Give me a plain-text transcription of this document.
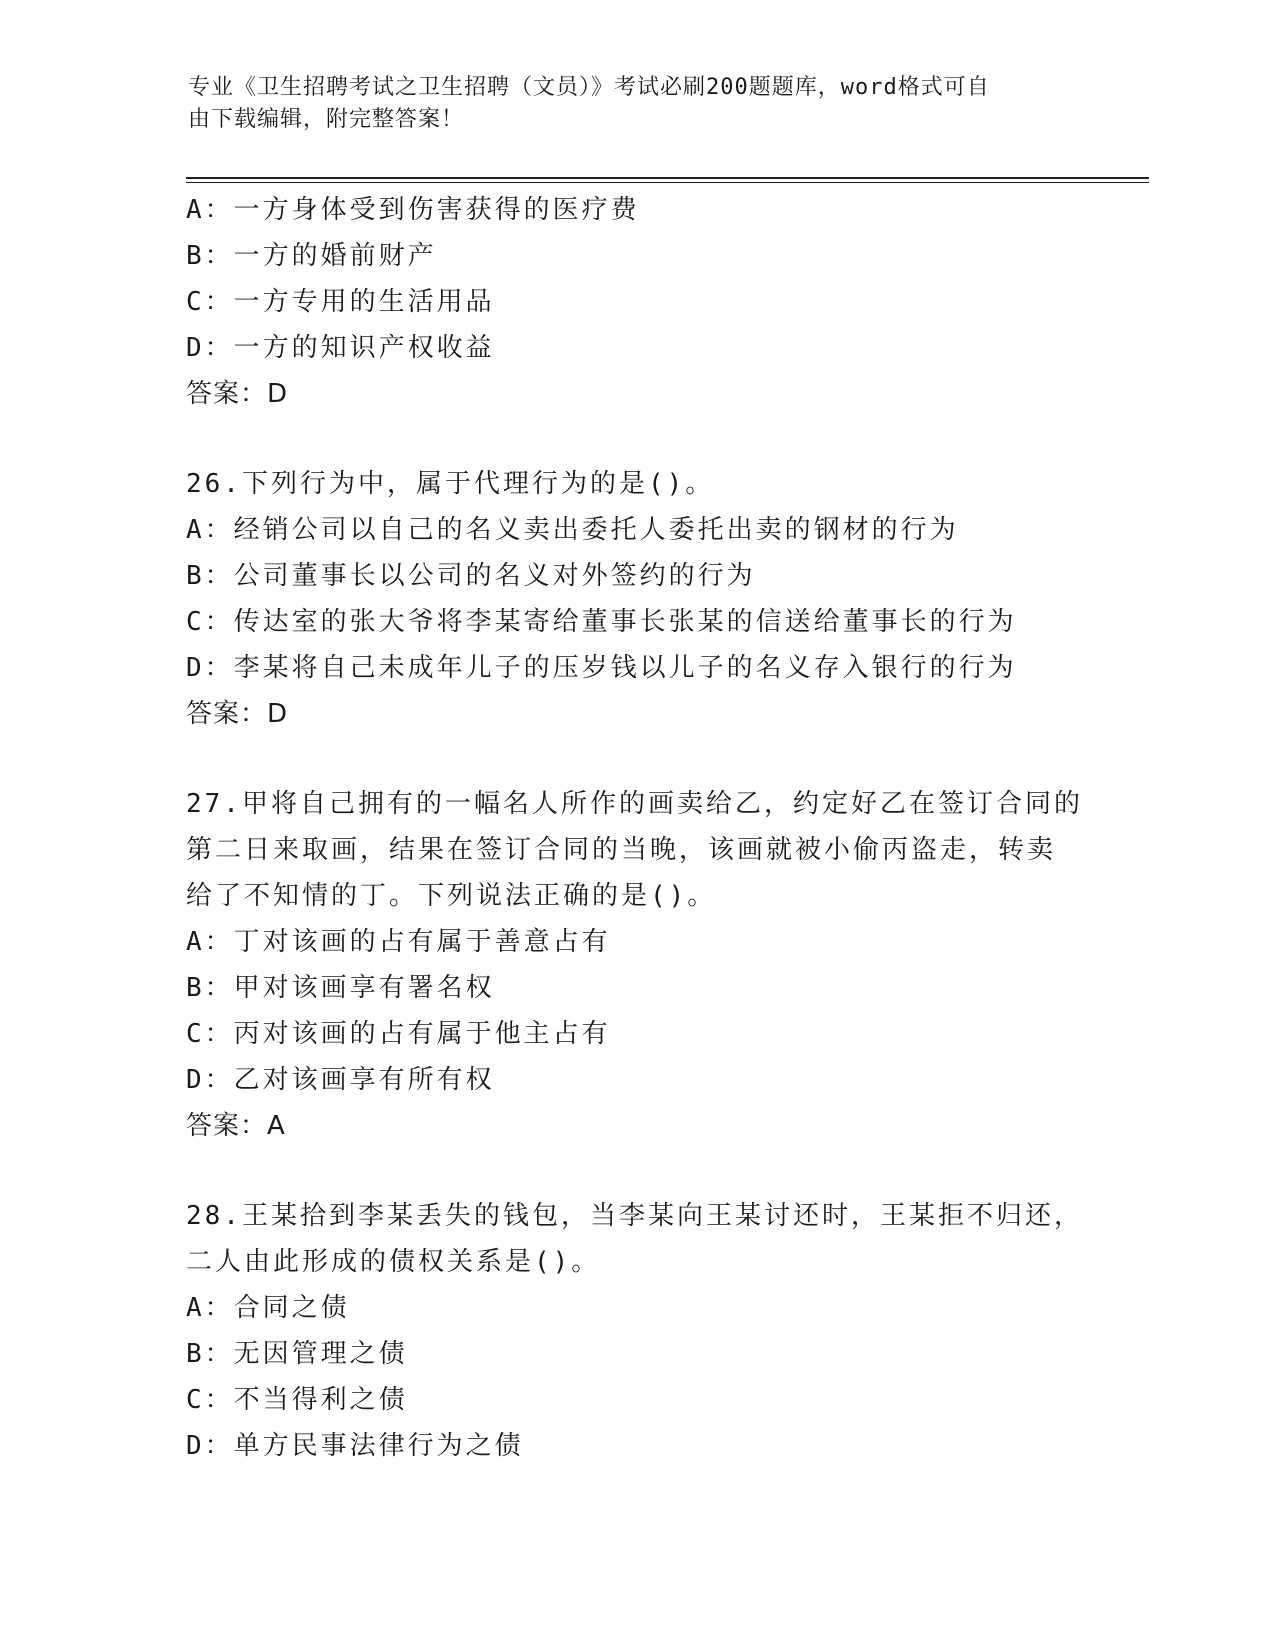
专业《卫生招聘考试之卫生招聘（文员）》考试必刷200题题库，word格式可自
由下载编辑，附完整答案！
A：一方身体受到伤害获得的医疗费
B：一方的婚前财产
C：一方专用的生活用品
D：一方的知识产权收益
答案：D
26.下列行为中，属于代理行为的是()。
A：经销公司以自己的名义卖出委托人委托出卖的钢材的行为
B：公司董事长以公司的名义对外签约的行为
C：传达室的张大爷将李某寄给董事长张某的信送给董事长的行为
D：李某将自己未成年儿子的压岁钱以儿子的名义存入银行的行为
答案：D
27.甲将自己拥有的一幅名人所作的画卖给乙，约定好乙在签订合同的
第二日来取画，结果在签订合同的当晚，该画就被小偷丙盗走，转卖
给了不知情的丁。下列说法正确的是()。
A：丁对该画的占有属于善意占有
B：甲对该画享有署名权
C：丙对该画的占有属于他主占有
D：乙对该画享有所有权
答案：A
28.王某拾到李某丢失的钱包，当李某向王某讨还时，王某拒不归还，
二人由此形成的债权关系是()。
A：合同之债
B：无因管理之债
C：不当得利之债
D：单方民事法律行为之债
